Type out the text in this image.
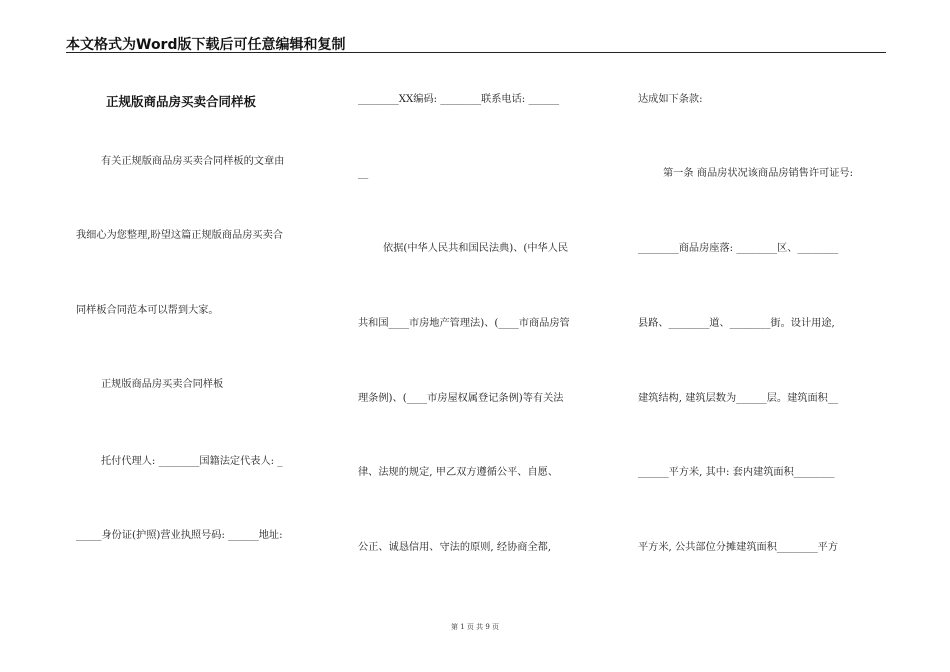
本文格式为Word版下载后可任意编辑和复制
正规版商品房买卖合同样板
有关正规版商品房买卖合同样板的文章由
我细心为您整理,盼望这篇正规版商品房买卖合
同样板合同范本可以帮到大家。
正规版商品房买卖合同样板
托付代理人: ________国籍法定代表人: _
_____身份证(护照)营业执照号码: ______地址:
________XX编码: ________联系电话: ______
__
依据(中华人民共和国民法典)、(中华人民
共和国____市房地产管理法)、(____市商品房管
理条例)、(____市房屋权属登记条例)等有关法
律、法规的规定, 甲乙双方遵循公平、自愿、
公正、诚恳信用、守法的原则, 经协商全都,
达成如下条款:
第一条 商品房状况该商品房销售许可证号:
________商品房座落: ________区、________
县路、________道、________街。设计用途,
建筑结构, 建筑层数为______层。建筑面积__
______平方米, 其中: 套内建筑面积________
平方米, 公共部位分摊建筑面积________平方
第 1 页 共 9 页
